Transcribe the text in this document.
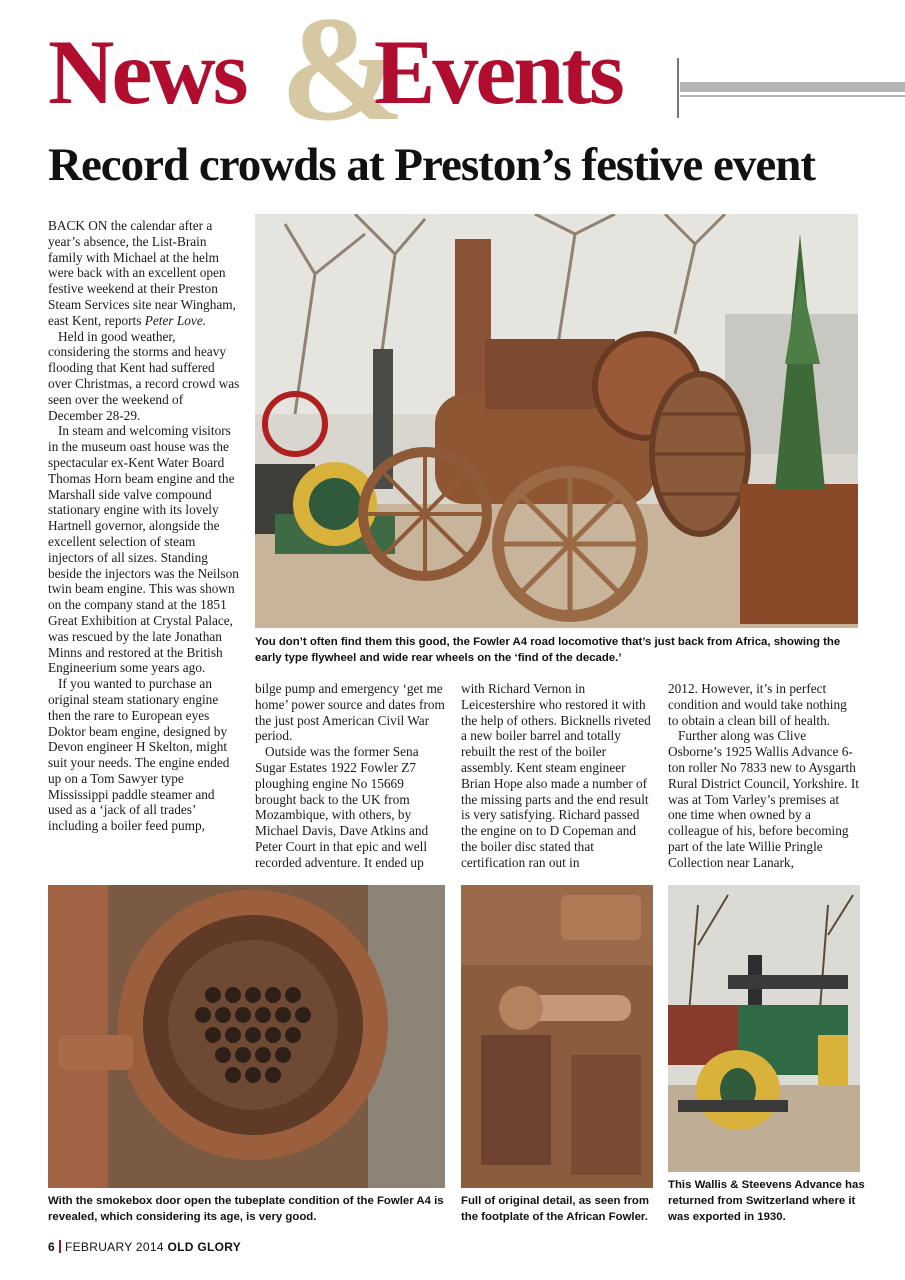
&
News Events
Record crowds at Preston’s festive event

BACK ON the calendar after a year’s absence, the List-Brain family with Michael at the helm were back with an excellent open festive weekend at their Preston Steam Services site near Wingham, east Kent, reports Peter Love.

Held in good weather, considering the storms and heavy flooding that Kent had suffered over Christmas, a record crowd was seen over the weekend of December 28-29.

In steam and welcoming visitors in the museum oast house was the spectacular ex-Kent Water Board Thomas Horn beam engine and the Marshall side valve compound stationary engine with its lovely Hartnell governor, alongside the excellent selection of steam injectors of all sizes. Standing beside the injectors was the Neilson twin beam engine. This was shown on the company stand at the 1851 Great Exhibition at Crystal Palace, was rescued by the late Jonathan Minns and restored at the British Engineerium some years ago.

If you wanted to purchase an original steam stationary engine then the rare to European eyes Doktor beam engine, designed by Devon engineer H Skelton, might suit your needs. The engine ended up on a Tom Sawyer type Mississippi paddle steamer and used as a ‘jack of all trades’ including a boiler feed pump,

You don’t often find them this good, the Fowler A4 road locomotive that’s just back from Africa, showing the early type flywheel and wide rear wheels on the ‘find of the decade.’

bilge pump and emergency ‘get me home’ power source and dates from the just post American Civil War period.

Outside was the former Sena Sugar Estates 1922 Fowler Z7 ploughing engine No 15669 brought back to the UK from Mozambique, with others, by Michael Davis, Dave Atkins and Peter Court in that epic and well recorded adventure. It ended up

with Richard Vernon in Leicestershire who restored it with the help of others. Bicknells riveted a new boiler barrel and totally rebuilt the rest of the boiler assembly. Kent steam engineer Brian Hope also made a number of the missing parts and the end result is very satisfying. Richard passed the engine on to D Copeman and the boiler disc stated that certification ran out in

2012. However, it’s in perfect condition and would take nothing to obtain a clean bill of health.

Further along was Clive Osborne’s 1925 Wallis Advance 6-ton roller No 7833 new to Aysgarth Rural District Council, Yorkshire. It was at Tom Varley’s premises at one time when owned by a colleague of his, before becoming part of the late Willie Pringle Collection near Lanark,

With the smokebox door open the tubeplate condition of the Fowler A4 is revealed, which considering its age, is very good.
Full of original detail, as seen from the footplate of the African Fowler.
This Wallis & Steevens Advance has returned from Switzerland where it was exported in 1930.
6 FEBRUARY 2014 OLD GLORY
